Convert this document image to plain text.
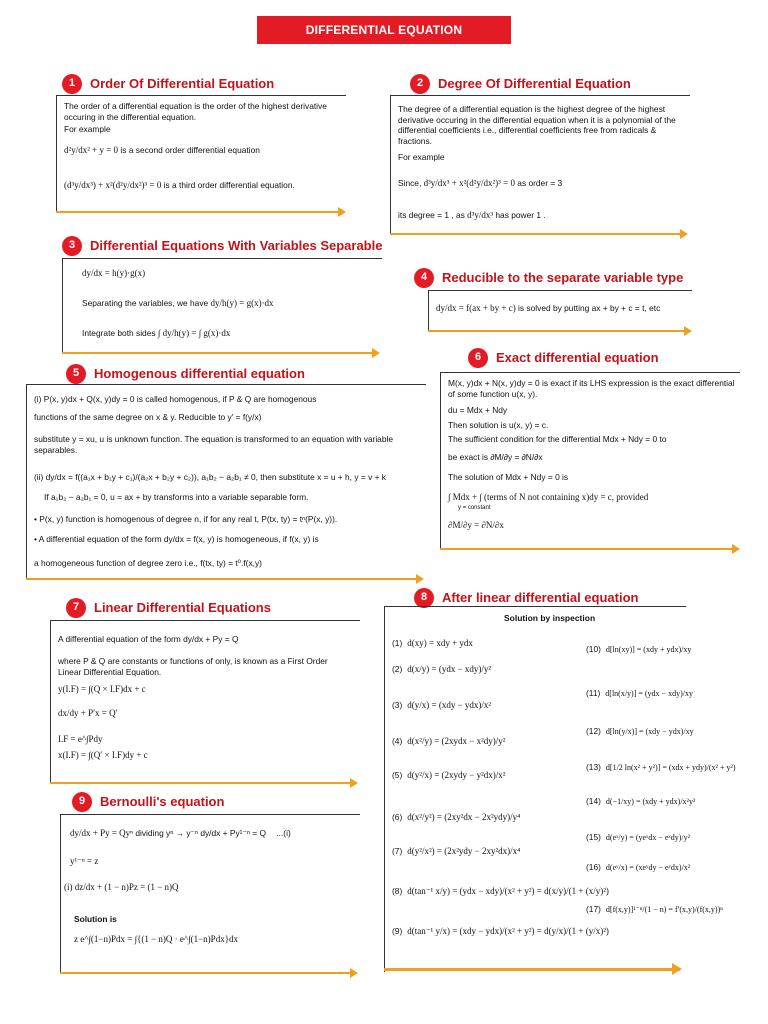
DIFFERENTIAL EQUATION
1	Order Of Differential Equation
The order of a differential equation is the order of the highest derivative occuring in the differential equation.
For example
d²y/dx² + y = 0 is a second order differential equation
(d³y/dx³) + x²(d²y/dx²)³ = 0 is a third order differential equation.
2	Degree Of Differential Equation
The degree of a differential equation is the highest degree of the highest derivative occuring in the differential equation when it is a polynomial of the differential coefficients i.e., differential coefficients free from radicals & fractions.
For example
Since, d³y/dx³ + x²(d²y/dx²)³ = 0 as order = 3
its degree = 1 , as d³y/dx³ has power 1 .
3	Differential Equations With Variables Separable
dy/dx = h(y)·g(x)
Separating the variables, we have dy/h(y) = g(x)·dx
Integrate both sides ∫ dy/h(y) = ∫ g(x)·dx
4	Reducible to the separate variable type
dy/dx = f(ax + by + c) is solved by putting ax + by + c = t, etc
6	Exact differential equation
M(x, y)dx + N(x, y)dy = 0 is exact if its LHS expression is the exact differential of some function u(x, y).
du = Mdx + Ndy
Then solution is u(x, y) = c.
The sufficient condition for the differential Mdx + Ndy = 0 to
be exact is ∂M/∂y = ∂N/∂x
The solution of Mdx + Ndy = 0 is
∫ Mdx + ∫ (terms of N not containing x)dy = c, provided
y = constant
∂M/∂y = ∂N/∂x
5	Homogenous differential equation
(i) P(x, y)dx + Q(x, y)dy = 0 is called homogenous, if P & Q are homogenous
functions of the same degree on x & y. Reducible to y′ = f(y/x)
substitute y = xu, u is unknown function. The equation is transformed to an equation with variable separables.
(ii) dy/dx = f((a₁x + b₁y + c₁)/(a₂x + b₂y + c₂)), a₁b₂ − a₂b₁ ≠ 0, then substitute x = u + h, y = v + k
If a₁b₂ − a₂b₁ = 0, u = ax + by transforms into a variable separable form.
• P(x, y) function is homogenous of degree n, if for any real t, P(tx, ty) = tⁿ(P(x, y)).
• A differential equation of the form dy/dx = f(x, y) is homogeneous, if f(x, y) is
a homogeneous function of degree zero i.e., f(tx, ty) = t⁰.f(x,y)
7	Linear Differential Equations
A differential equation of the form dy/dx + Py = Q
where P & Q are constants or functions of only, is known as a First Order Linear Differential Equation.
y(I.F) = ∫(Q × I.F)dx + c
dx/dy + P′x = Q′
I.F = e^∫Pdy
x(I.F) = ∫(Q′ × I.F)dy + c
9	Bernoulli's equation
dy/dx + Py = Qyⁿ dividing yⁿ → y⁻ⁿ dy/dx + Py¹⁻ⁿ = Q ...(i)
y¹⁻ⁿ = z
(i) dz/dx + (1 − n)Pz = (1 − n)Q
Solution is
z e^∫(1−n)Pdx = ∫{(1 − n)Q · e^∫(1−n)Pdx}dx
8	After linear differential equation
Solution by inspection
(1) d(xy) = xdy + ydx
(2) d(x/y) = (ydx − xdy)/y²
(3) d(y/x) = (xdy − ydx)/x²
(4) d(x²/y) = (2xydx − x²dy)/y²
(5) d(y²/x) = (2xydy − y²dx)/x²
(6) d(x²/y²) = (2xy²dx − 2x²ydy)/y⁴
(7) d(y²/x²) = (2x²ydy − 2xy²dx)/x⁴
(8) d(tan⁻¹ x/y) = (ydx − xdy)/(x² + y²) = d(x/y)/(1 + (x/y)²)
(9) d(tan⁻¹ y/x) = (xdy − ydx)/(x² + y²) = d(y/x)/(1 + (y/x)²)
(10) d[ln(xy)] = (xdy + ydx)/xy
(11) d[ln(x/y)] = (ydx − xdy)/xy
(12) d[ln(y/x)] = (xdy − ydx)/xy
(13) d[1/2 ln(x² + y²)] = (xdx + ydy)/(x² + y²)
(14) d(−1/xy) = (xdy + ydx)/x²y²
(15) d(eˣ/y) = (yeˣdx − eˣdy)/y²
(16) d(eʸ/x) = (xeʸdy − eʸdx)/x²
(17) d[f(x,y)]¹⁻ⁿ/(1 − n) = f′(x,y)/(f(x,y))ⁿ
